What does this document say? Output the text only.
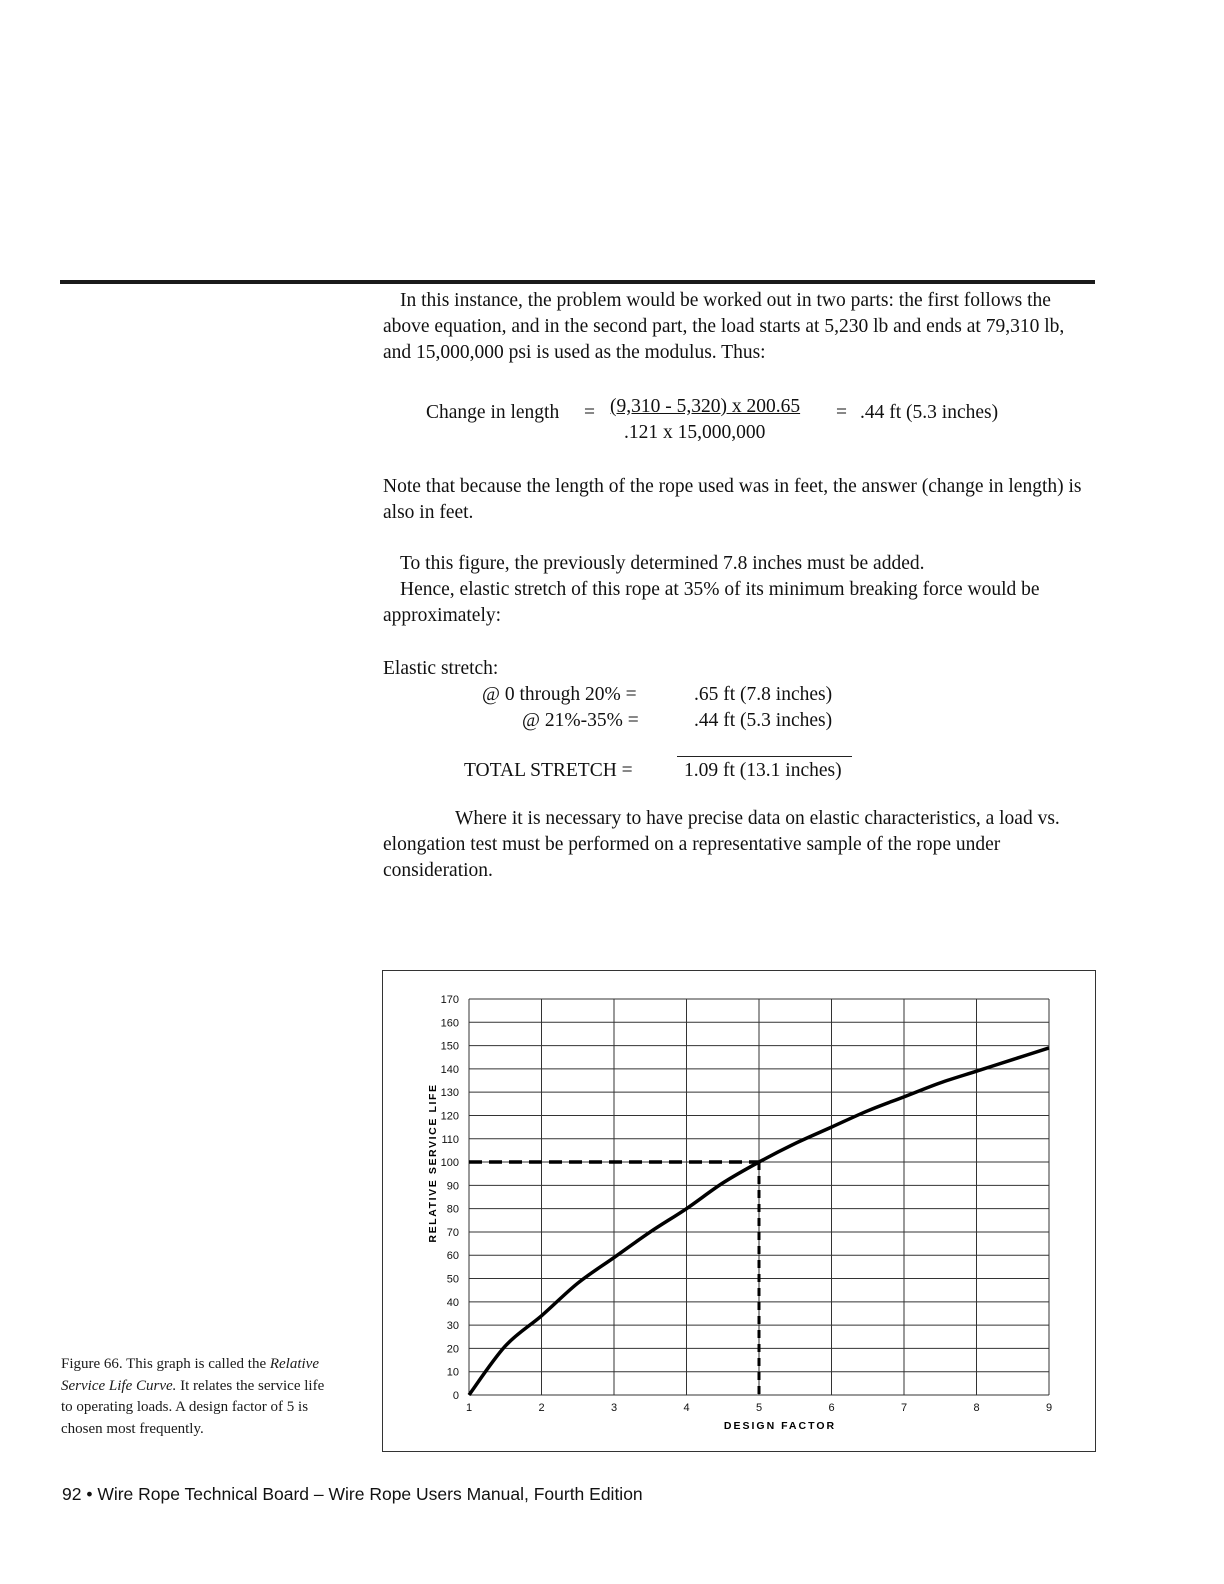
In this instance, the problem would be worked out in two parts: the first follows the above equation, and in the second part, the load starts at 5,230 lb and ends at 79,310 lb, and 15,000,000 psi is used as the modulus. Thus:

Change in length = (9,310 - 5,320) x 200.65
.121 x 15,000,000
= .44 ft (5.3 inches)

Note that because the length of the rope used was in feet, the answer (change in length) is also in feet.

To this figure, the previously determined 7.8 inches must be added.

Hence, elastic stretch of this rope at 35% of its minimum breaking force would be approximately:

Elastic stretch:
@ 0 through 20% =	.65 ft (7.8 inches)
@ 21%-35% =	.44 ft (5.3 inches)
TOTAL STRETCH =	1.09 ft (13.1 inches)

Where it is necessary to have precise data on elastic characteristics, a load vs. elongation test must be performed on a representative sample of the rope under consideration.

Figure 66. This graph is called the Relative Service Life Curve. It relates the service life to operating loads. A design factor of 5 is chosen most frequently.
0
10
20
30
40
50
60
70
80
90
100
110
120
130
140
150
160
170
1	2	3	4	5	6	7	8	9
DESIGN FACTOR
RELATIVE SERVICE LIFE
92 • Wire Rope Technical Board – Wire Rope Users Manual, Fourth Edition
